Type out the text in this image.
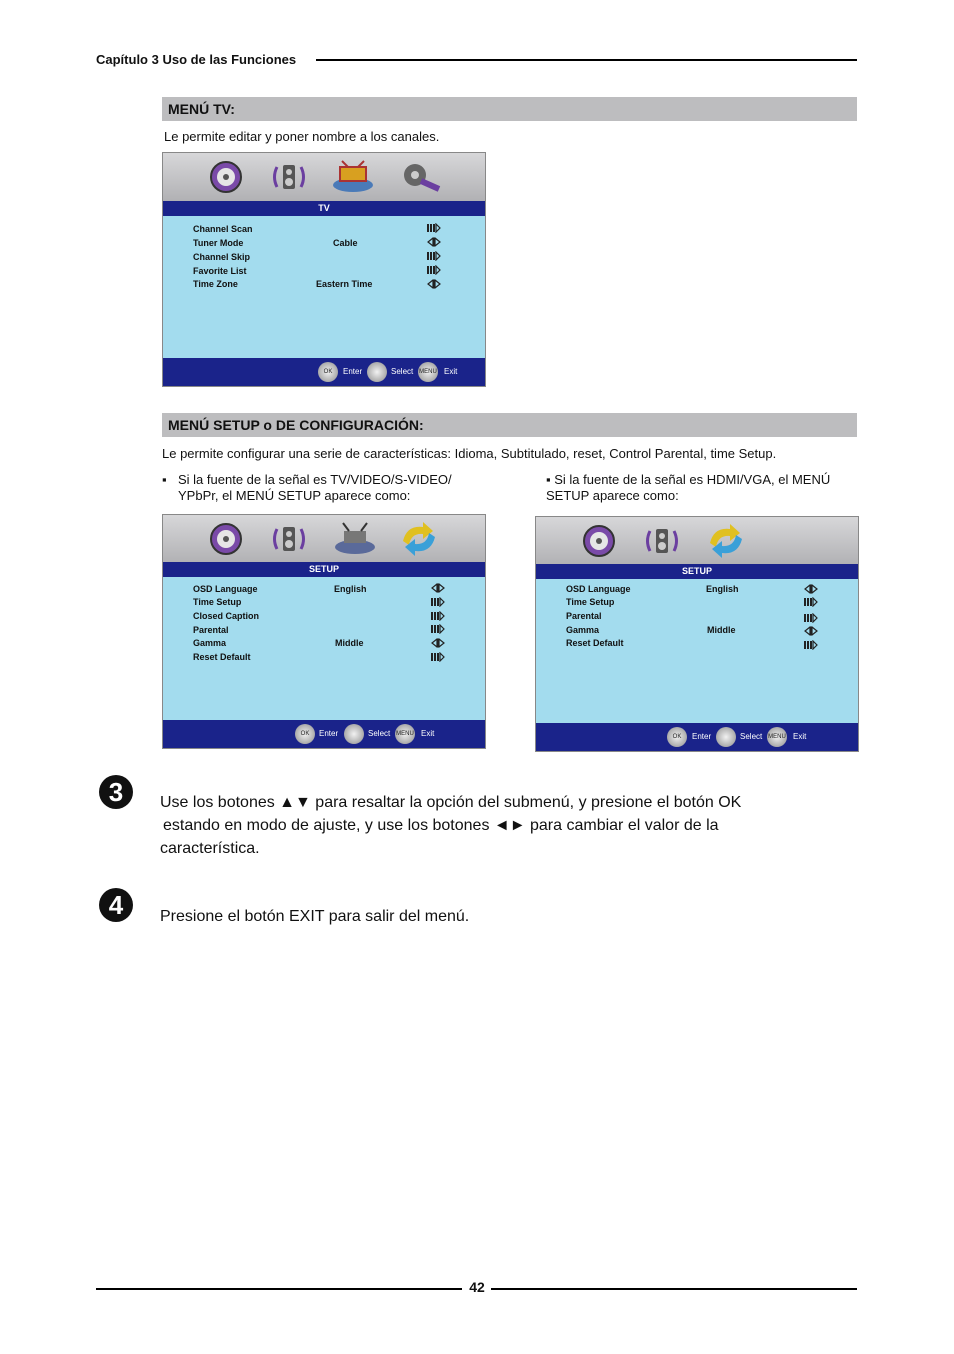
Capítulo 3 Uso de las Funciones
MENÚ TV:
Le permite editar y poner nombre a los canales.
TV
Channel Scan
Tuner Mode	Cable
Channel Skip
Favorite List
Time Zone	Eastern Time
OK	Enter	Select MENU Exit
MENÚ SETUP o DE CONFIGURACIÓN:
Le permite configurar una serie de características: Idioma, Subtitulado, reset, Control Parental, time Setup.
▪ Si la fuente de la señal es TV/VIDEO/S-VIDEO/
YPbPr, el MENÚ SETUP aparece como:
▪ Si la fuente de la señal es HDMI/VGA, el MENÚ
SETUP aparece como:
SETUP
OSD Language	English
Time Setup
Closed Caption
Parental
Gamma	Middle
Reset Default
OK	Enter	Select MENU Exit
SETUP
OSD Language	English
Time Setup
Parental
Gamma	Middle
Reset Default
OK	Enter	Select MENU Exit
3	Use los botones ▲▼ para resaltar la opción del submenú, y presione el botón OK
estando en modo de ajuste, y use los botones ◄► para cambiar el valor de la
característica.
4	Presione el botón EXIT para salir del menú.
42
